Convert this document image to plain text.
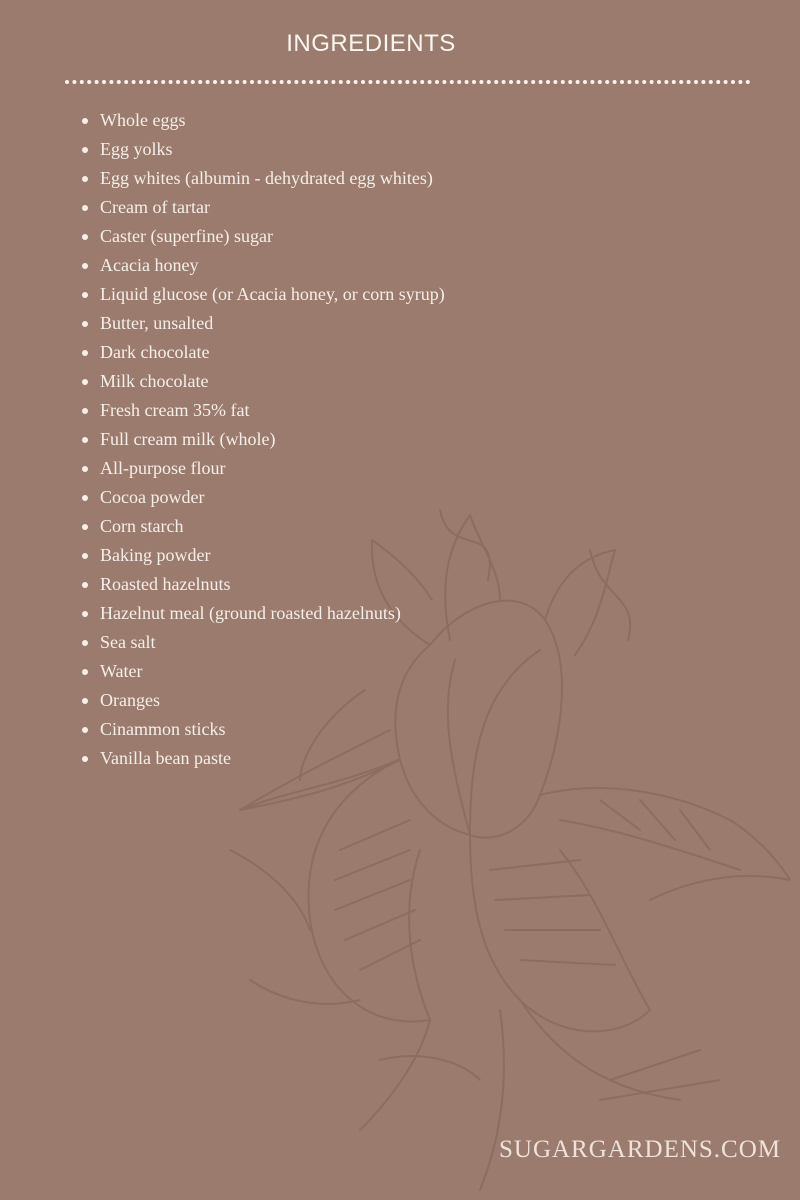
INGREDIENTS
Whole eggs
Egg yolks
Egg whites (albumin - dehydrated egg whites)
Cream of tartar
Caster (superfine) sugar
Acacia honey
Liquid glucose (or Acacia honey, or corn syrup)
Butter, unsalted
Dark chocolate
Milk chocolate
Fresh cream 35% fat
Full cream milk (whole)
All-purpose flour
Cocoa powder
Corn starch
Baking powder
Roasted hazelnuts
Hazelnut meal (ground roasted hazelnuts)
Sea salt
Water
Oranges
Cinammon sticks
Vanilla bean paste
SUGARGARDENS.COM
